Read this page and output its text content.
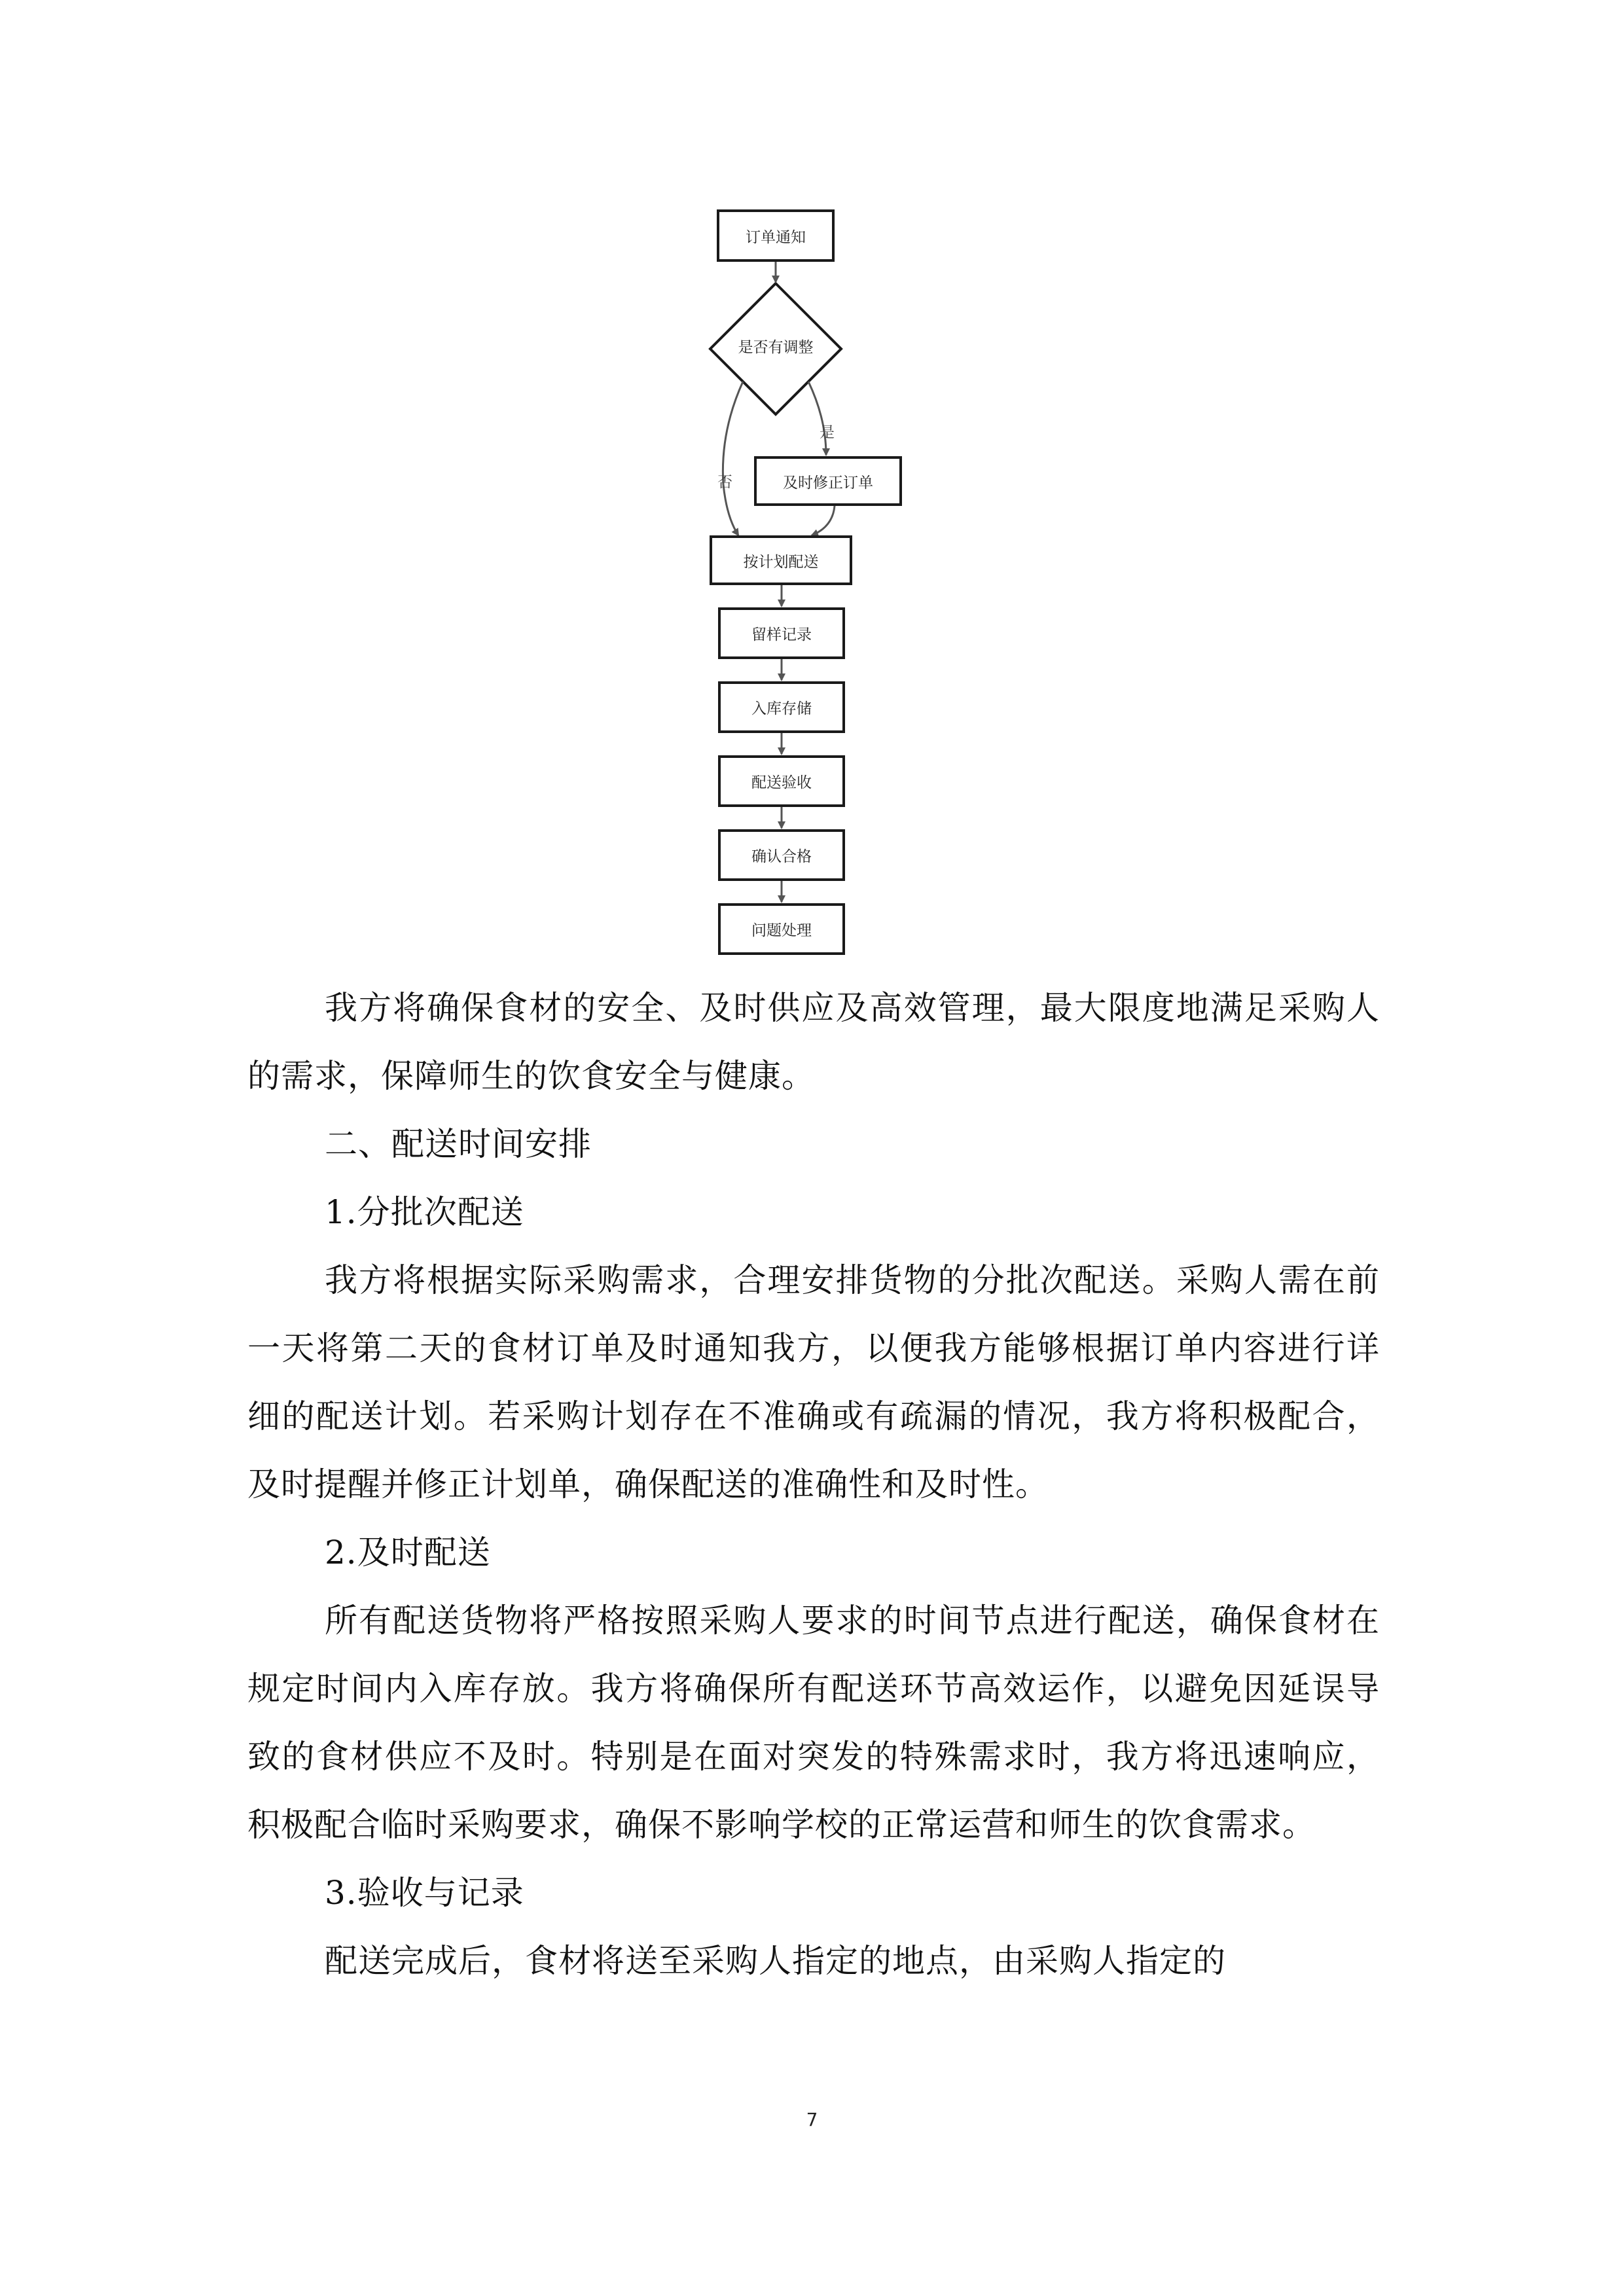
订单通知
是否有调整
是
否	及时修正订单
按计划配送
留样记录
入库存储
配送验收
确认合格
问题处理

我方将确保食材的安全、及时供应及高效管理，最大限度地满足采购人的需求，保障师生的饮食安全与健康。

二、配送时间安排

1.分批次配送

我方将根据实际采购需求，合理安排货物的分批次配送。采购人需在前一天将第二天的食材订单及时通知我方，以便我方能够根据订单内容进行详细的配送计划。若采购计划存在不准确或有疏漏的情况，我方将积极配合，及时提醒并修正计划单，确保配送的准确性和及时性。

2.及时配送

所有配送货物将严格按照采购人要求的时间节点进行配送，确保食材在规定时间内入库存放。我方将确保所有配送环节高效运作，以避免因延误导致的食材供应不及时。特别是在面对突发的特殊需求时，我方将迅速响应，积极配合临时采购要求，确保不影响学校的正常运营和师生的饮食需求。

3.验收与记录

配送完成后，食材将送至采购人指定的地点，由采购人指定的

7
